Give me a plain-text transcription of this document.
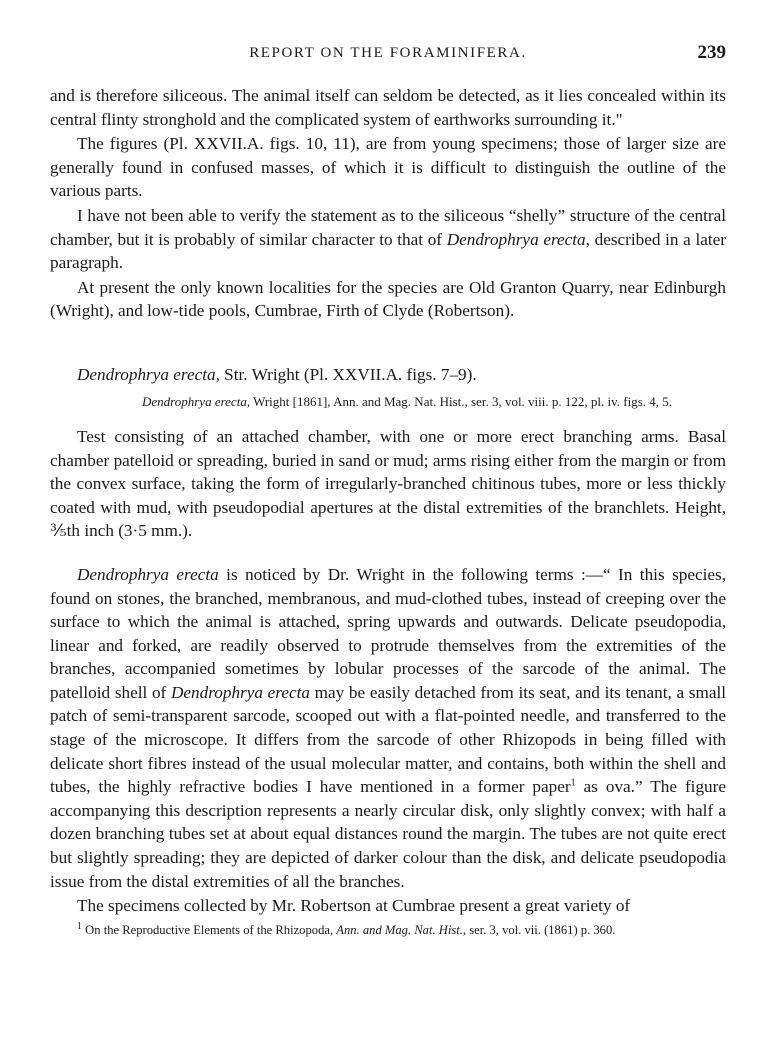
REPORT ON THE FORAMINIFERA.	239

and is therefore siliceous. The animal itself can seldom be detected, as it lies concealed within its central flinty stronghold and the complicated system of earthworks surrounding it."

The figures (Pl. XXVII.A. figs. 10, 11), are from young specimens; those of larger size are generally found in confused masses, of which it is difficult to distinguish the outline of the various parts.

I have not been able to verify the statement as to the siliceous “shelly” structure of the central chamber, but it is probably of similar character to that of Dendrophrya erecta, described in a later paragraph.

At present the only known localities for the species are Old Granton Quarry, near Edinburgh (Wright), and low-tide pools, Cumbrae, Firth of Clyde (Robertson).

Dendrophrya erecta, Str. Wright (Pl. XXVII.A. figs. 7–9).

Dendrophrya erecta, Wright [1861], Ann. and Mag. Nat. Hist., ser. 3, vol. viii. p. 122, pl. iv. figs. 4, 5.

Test consisting of an attached chamber, with one or more erect branching arms. Basal chamber patelloid or spreading, buried in sand or mud; arms rising either from the margin or from the convex surface, taking the form of irregularly-branched chitinous tubes, more or less thickly coated with mud, with pseudopodial apertures at the distal extremities of the branchlets. Height, ⅗th inch (3·5 mm.).

Dendrophrya erecta is noticed by Dr. Wright in the following terms :—“ In this species, found on stones, the branched, membranous, and mud-clothed tubes, instead of creeping over the surface to which the animal is attached, spring upwards and outwards. Delicate pseudopodia, linear and forked, are readily observed to protrude themselves from the extremities of the branches, accompanied sometimes by lobular processes of the sarcode of the animal. The patelloid shell of Dendrophrya erecta may be easily detached from its seat, and its tenant, a small patch of semi-transparent sarcode, scooped out with a flat-pointed needle, and transferred to the stage of the microscope. It differs from the sarcode of other Rhizopods in being filled with delicate short fibres instead of the usual molecular matter, and contains, both within the shell and tubes, the highly refractive bodies I have mentioned in a former paper$^1$ as ova.” The figure accompanying this description represents a nearly circular disk, only slightly convex; with half a dozen branching tubes set at about equal distances round the margin. The tubes are not quite erect but slightly spreading; they are depicted of darker colour than the disk, and delicate pseudopodia issue from the distal extremities of all the branches.

The specimens collected by Mr. Robertson at Cumbrae present a great variety of

$^1$ On the Reproductive Elements of the Rhizopoda, Ann. and Mag. Nat. Hist., ser. 3, vol. vii. (1861) p. 360.
